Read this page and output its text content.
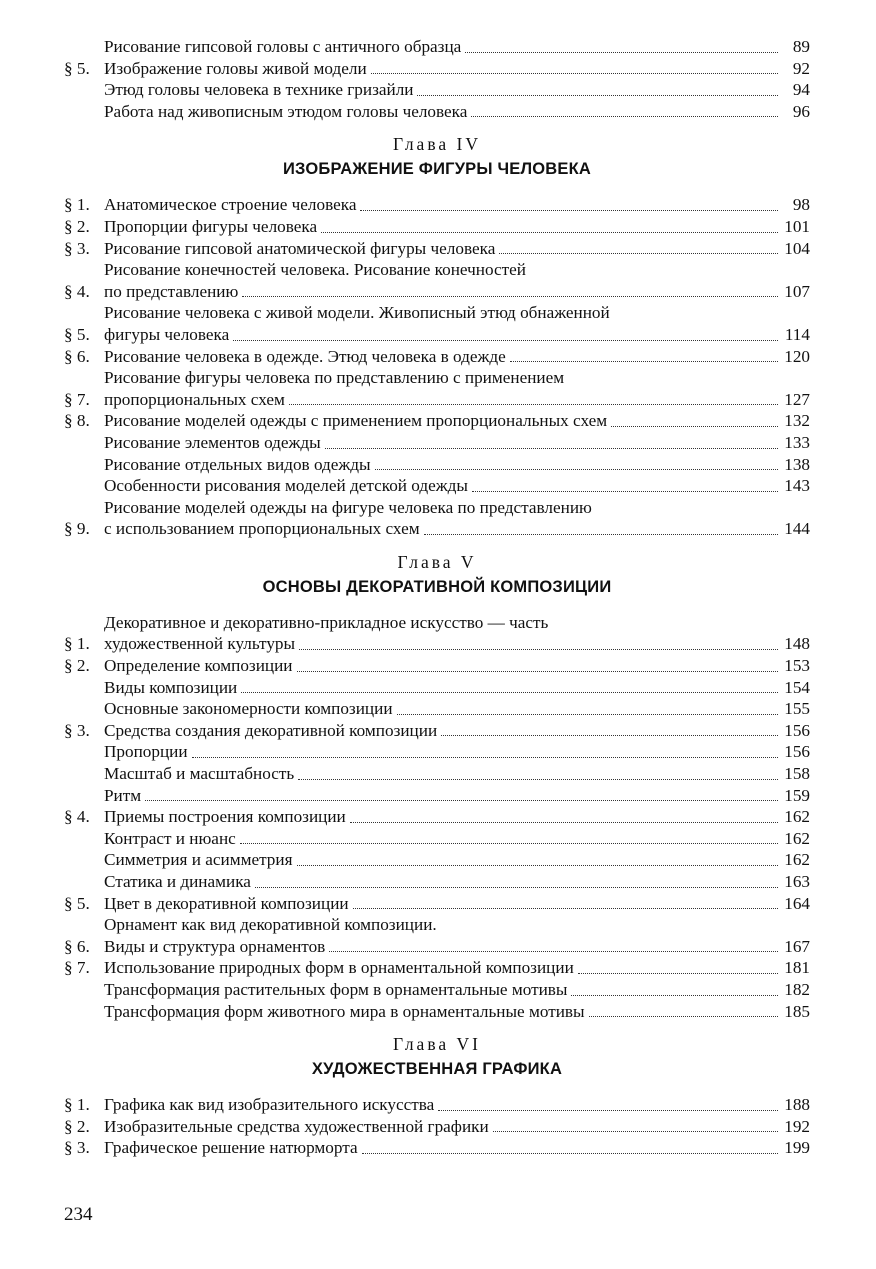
Рисование гипсовой головы с античного образца	89
§ 5. Изображение головы живой модели	92
Этюд головы человека в технике гризайли	94
Работа над живописным этюдом головы человека	96
Глава IV
ИЗОБРАЖЕНИЕ ФИГУРЫ ЧЕЛОВЕКА
§ 1. Анатомическое строение человека	98
§ 2. Пропорции фигуры человека	101
§ 3. Рисование гипсовой анатомической фигуры человека	104
§ 4.
Рисование конечностей человека. Рисование конечностей
по представлению	107
§ 5.
Рисование человека с живой модели. Живописный этюд обнаженной
фигуры человека	114
§ 6. Рисование человека в одежде. Этюд человека в одежде	120
§ 7.
Рисование фигуры человека по представлению с применением
пропорциональных схем	127
§ 8. Рисование моделей одежды с применением пропорциональных схем	132
Рисование элементов одежды	133
Рисование отдельных видов одежды	138
Особенности рисования моделей детской одежды	143
§ 9.
Рисование моделей одежды на фигуре человека по представлению
с использованием пропорциональных схем	144
Глава V
ОСНОВЫ ДЕКОРАТИВНОЙ КОМПОЗИЦИИ
§ 1.
Декоративное и декоративно-прикладное искусство — часть
художественной культуры	148
§ 2. Определение композиции	153
Виды композиции	154
Основные закономерности композиции	155
§ 3. Средства создания декоративной композиции	156
Пропорции	156
Масштаб и масштабность	158
Ритм	159
§ 4. Приемы построения композиции	162
Контраст и нюанс	162
Симметрия и асимметрия	162
Статика и динамика	163
§ 5. Цвет в декоративной композиции	164
§ 6.
Орнамент как вид декоративной композиции.
Виды и структура орнаментов	167
§ 7. Использование природных форм в орнаментальной композиции	181
Трансформация растительных форм в орнаментальные мотивы	182
Трансформация форм животного мира в орнаментальные мотивы	185
Глава VI
ХУДОЖЕСТВЕННАЯ ГРАФИКА
§ 1. Графика как вид изобразительного искусства	188
§ 2. Изобразительные средства художественной графики	192
§ 3. Графическое решение натюрморта	199
234
